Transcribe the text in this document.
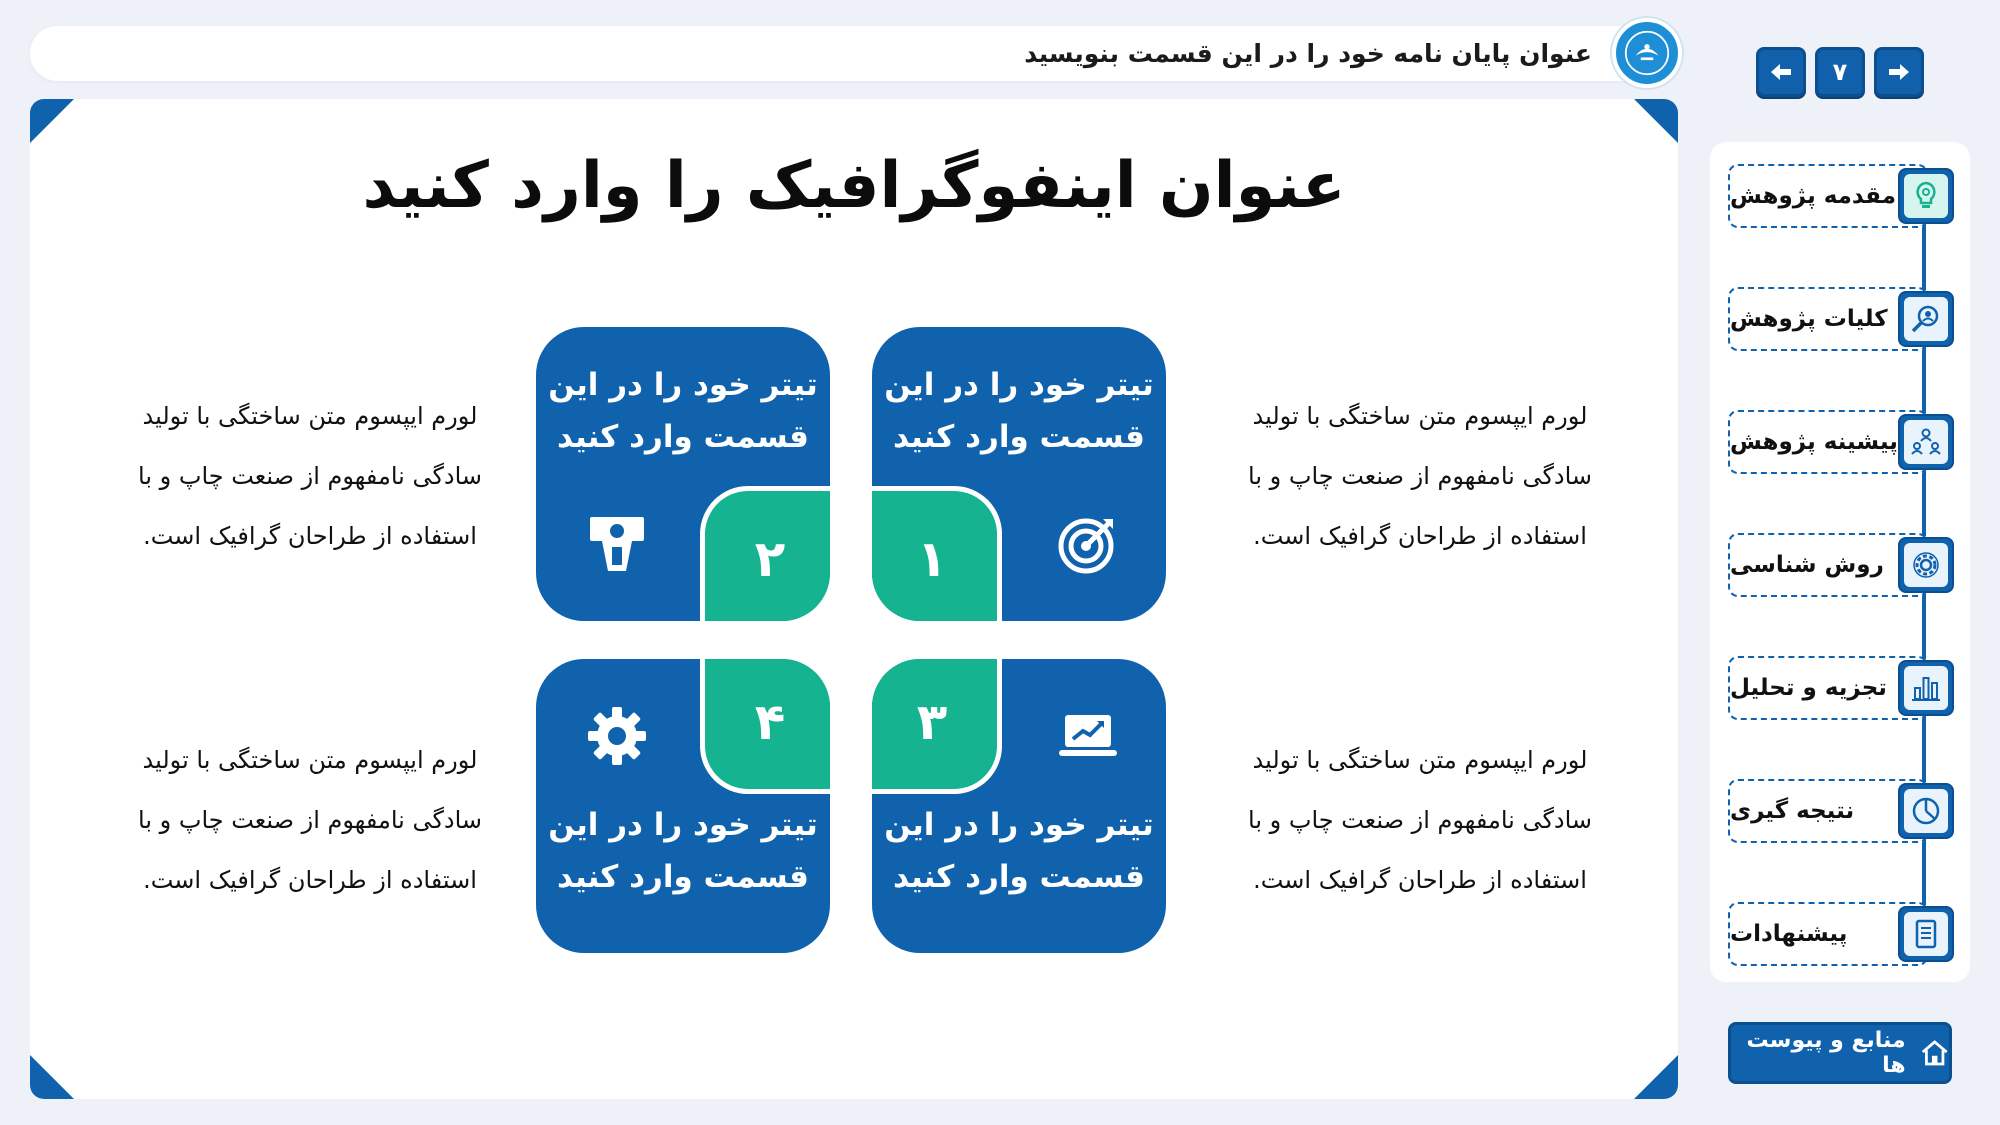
عنوان پایان نامه خود را در این قسمت بنویسید
۷
عنوان اینفوگرافیک را وارد کنید
تیتر خود را در این قسمت وارد کنید
۱
تیتر خود را در این قسمت وارد کنید
۲
تیتر خود را در این قسمت وارد کنید
۳
تیتر خود را در این قسمت وارد کنید
۴
لورم ایپسوم متن ساختگی با تولید سادگی نامفهوم از صنعت چاپ و با استفاده از طراحان گرافیک است.
لورم ایپسوم متن ساختگی با تولید سادگی نامفهوم از صنعت چاپ و با استفاده از طراحان گرافیک است.
لورم ایپسوم متن ساختگی با تولید سادگی نامفهوم از صنعت چاپ و با استفاده از طراحان گرافیک است.
لورم ایپسوم متن ساختگی با تولید سادگی نامفهوم از صنعت چاپ و با استفاده از طراحان گرافیک است.
مقدمه پژوهش
کلیات پژوهش
پیشینه پژوهش
روش شناسی
تجزیه و تحلیل
نتیجه گیری
پیشنهادات
منابع و پیوست ها
